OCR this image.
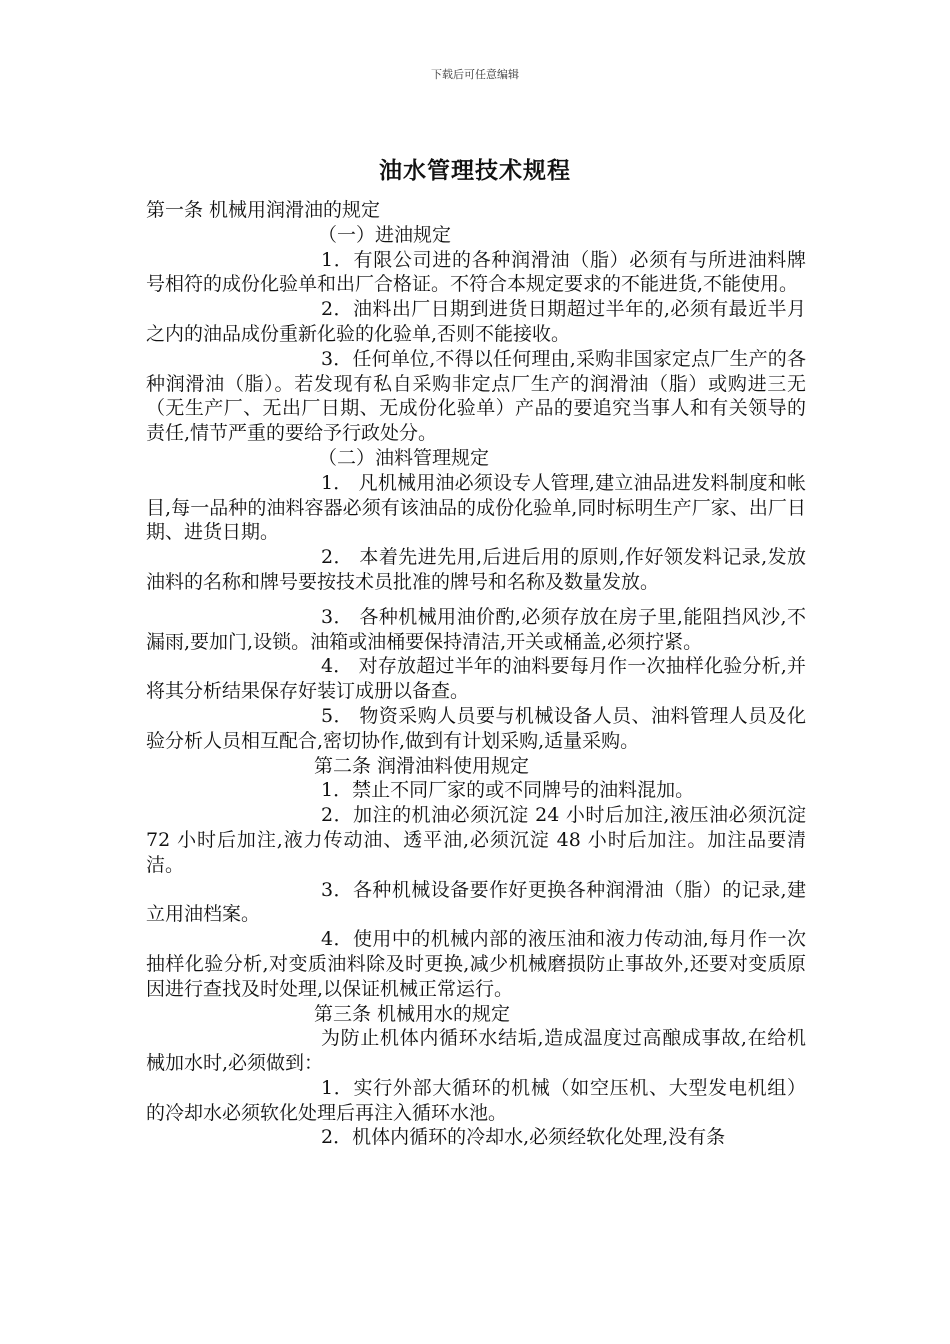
下载后可任意编辑
油水管理技术规程

第一条 机械用润滑油的规定

（一）进油规定

1．有限公司进的各种润滑油（脂）必须有与所进油料牌号相符的成份化验单和出厂合格证。不符合本规定要求的不能进货,不能使用。

2．油料出厂日期到进货日期超过半年的,必须有最近半月之内的油品成份重新化验的化验单,否则不能接收。

3．任何单位,不得以任何理由,采购非国家定点厂生产的各种润滑油（脂）。若发现有私自采购非定点厂生产的润滑油（脂）或购进三无（无生产厂、无出厂日期、无成份化验单）产品的要追究当事人和有关领导的责任,情节严重的要给予行政处分。

（二）油料管理规定

1． 凡机械用油必须设专人管理,建立油品进发料制度和帐目,每一品种的油料容器必须有该油品的成份化验单,同时标明生产厂家、出厂日期、进货日期。

2． 本着先进先用,后进后用的原则,作好领发料记录,发放油料的名称和牌号要按技术员批准的牌号和名称及数量发放。

3． 各种机械用油价酌,必须存放在房子里,能阻挡风沙,不漏雨,要加门,设锁。油箱或油桶要保持清洁,开关或桶盖,必须拧紧。

4． 对存放超过半年的油料要每月作一次抽样化验分析,并将其分析结果保存好装订成册以备查。

5． 物资采购人员要与机械设备人员、油料管理人员及化验分析人员相互配合,密切协作,做到有计划采购,适量采购。

第二条 润滑油料使用规定

1．禁止不同厂家的或不同牌号的油料混加。

2．加注的机油必须沉淀 24 小时后加注,液压油必须沉淀 72 小时后加注,液力传动油、透平油,必须沉淀 48 小时后加注。加注品要清洁。

3．各种机械设备要作好更换各种润滑油（脂）的记录,建立用油档案。

4．使用中的机械内部的液压油和液力传动油,每月作一次抽样化验分析,对变质油料除及时更换,减少机械磨损防止事故外,还要对变质原因进行查找及时处理,以保证机械正常运行。

第三条 机械用水的规定

为防止机体内循环水结垢,造成温度过高酿成事故,在给机械加水时,必须做到：

1．实行外部大循环的机械（如空压机、大型发电机组）的冷却水必须软化处理后再注入循环水池。

2．机体内循环的冷却水,必须经软化处理,没有条
